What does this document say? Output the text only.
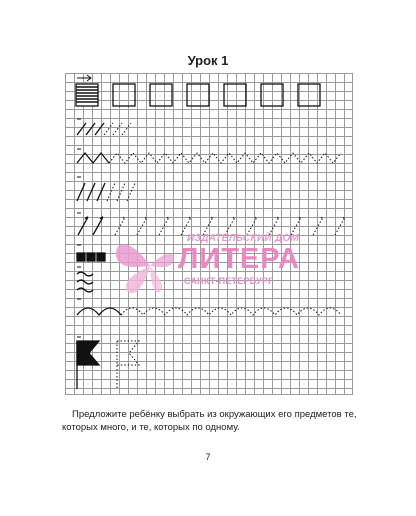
Урок 1
ИЗДАТЕЛЬСКИЙ ДОМ
ЛИТЕРА
САНКТ-ПЕТЕРБУРГ

Предложите ребёнку выбрать из окружающих его предметов те, которых много, и те, которых по одному.

7
